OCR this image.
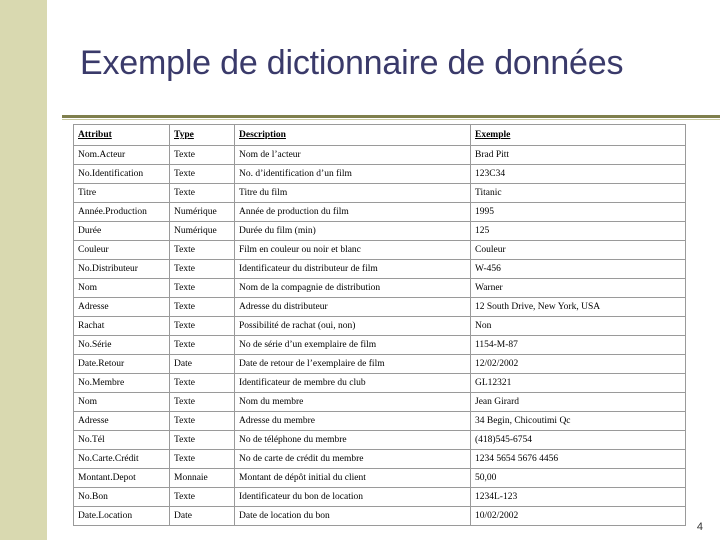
Exemple de dictionnaire de données
Attribut	Type	Description	Exemple
Nom.Acteur	Texte	Nom de l’acteur	Brad Pitt
No.Identification	Texte	No. d’identification d’un film	123C34
Titre	Texte	Titre du film	Titanic
Année.Production	Numérique	Année de production du film	1995
Durée	Numérique	Durée du film (min)	125
Couleur	Texte	Film en couleur ou noir et blanc	Couleur
No.Distributeur	Texte	Identificateur du distributeur de film	W-456
Nom	Texte	Nom de la compagnie de distribution	Warner
Adresse	Texte	Adresse du distributeur	12 South Drive, New York, USA
Rachat	Texte	Possibilité de rachat (oui, non)	Non
No.Série	Texte	No de série d’un exemplaire de film	1154-M-87
Date.Retour	Date	Date de retour de l’exemplaire de film	12/02/2002
No.Membre	Texte	Identificateur de membre du club	GL12321
Nom	Texte	Nom du membre	Jean Girard
Adresse	Texte	Adresse du membre	34 Begin, Chicoutimi Qc
No.Tél	Texte	No de téléphone du membre	(418)545-6754
No.Carte.Crédit	Texte	No de carte de crédit du membre	1234 5654 5676 4456
Montant.Depot	Monnaie	Montant de dépôt initial du client	50,00
No.Bon	Texte	Identificateur du bon de location	1234L-123
Date.Location	Date	Date de location du bon	10/02/2002
4
